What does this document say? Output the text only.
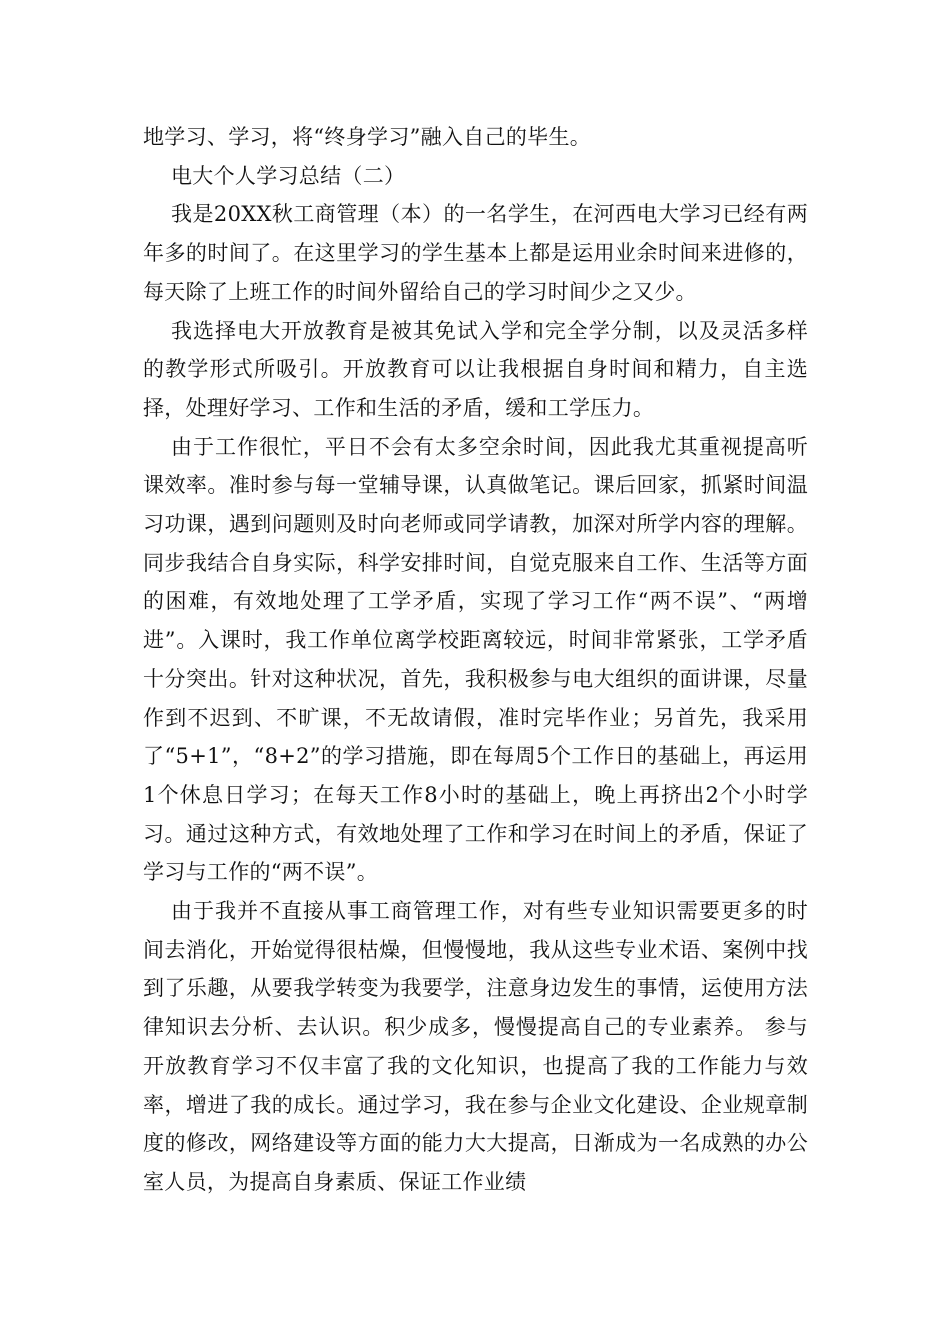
地学习、学习，将“终身学习”融入自己的毕生。

电大个人学习总结（二）

我是20XX秋工商管理（本）的一名学生，在河西电大学习已经有两年多的时间了。在这里学习的学生基本上都是运用业余时间来进修的，每天除了上班工作的时间外留给自己的学习时间少之又少。

我选择电大开放教育是被其免试入学和完全学分制，以及灵活多样的教学形式所吸引。开放教育可以让我根据自身时间和精力，自主选择，处理好学习、工作和生活的矛盾，缓和工学压力。

由于工作很忙，平日不会有太多空余时间，因此我尤其重视提高听课效率。准时参与每一堂辅导课，认真做笔记。课后回家，抓紧时间温习功课，遇到问题则及时向老师或同学请教，加深对所学内容的理解。同步我结合自身实际，科学安排时间，自觉克服来自工作、生活等方面的困难，有效地处理了工学矛盾，实现了学习工作“两不误”、“两增进”。入课时，我工作单位离学校距离较远，时间非常紧张，工学矛盾十分突出。针对这种状况，首先，我积极参与电大组织的面讲课，尽量作到不迟到、不旷课，不无故请假，准时完毕作业；另首先，我采用了“5+1”，“8+2”的学习措施，即在每周5个工作日的基础上，再运用1个休息日学习；在每天工作8小时的基础上，晚上再挤出2个小时学习。通过这种方式，有效地处理了工作和学习在时间上的矛盾，保证了学习与工作的“两不误”。

由于我并不直接从事工商管理工作，对有些专业知识需要更多的时间去消化，开始觉得很枯燥，但慢慢地，我从这些专业术语、案例中找到了乐趣，从要我学转变为我要学，注意身边发生的事情，运使用方法律知识去分析、去认识。积少成多，慢慢提高自己的专业素养。 参与开放教育学习不仅丰富了我的文化知识，也提高了我的工作能力与效率，增进了我的成长。通过学习，我在参与企业文化建设、企业规章制度的修改，网络建设等方面的能力大大提高，日渐成为一名成熟的办公室人员，为提高自身素质、保证工作业绩
